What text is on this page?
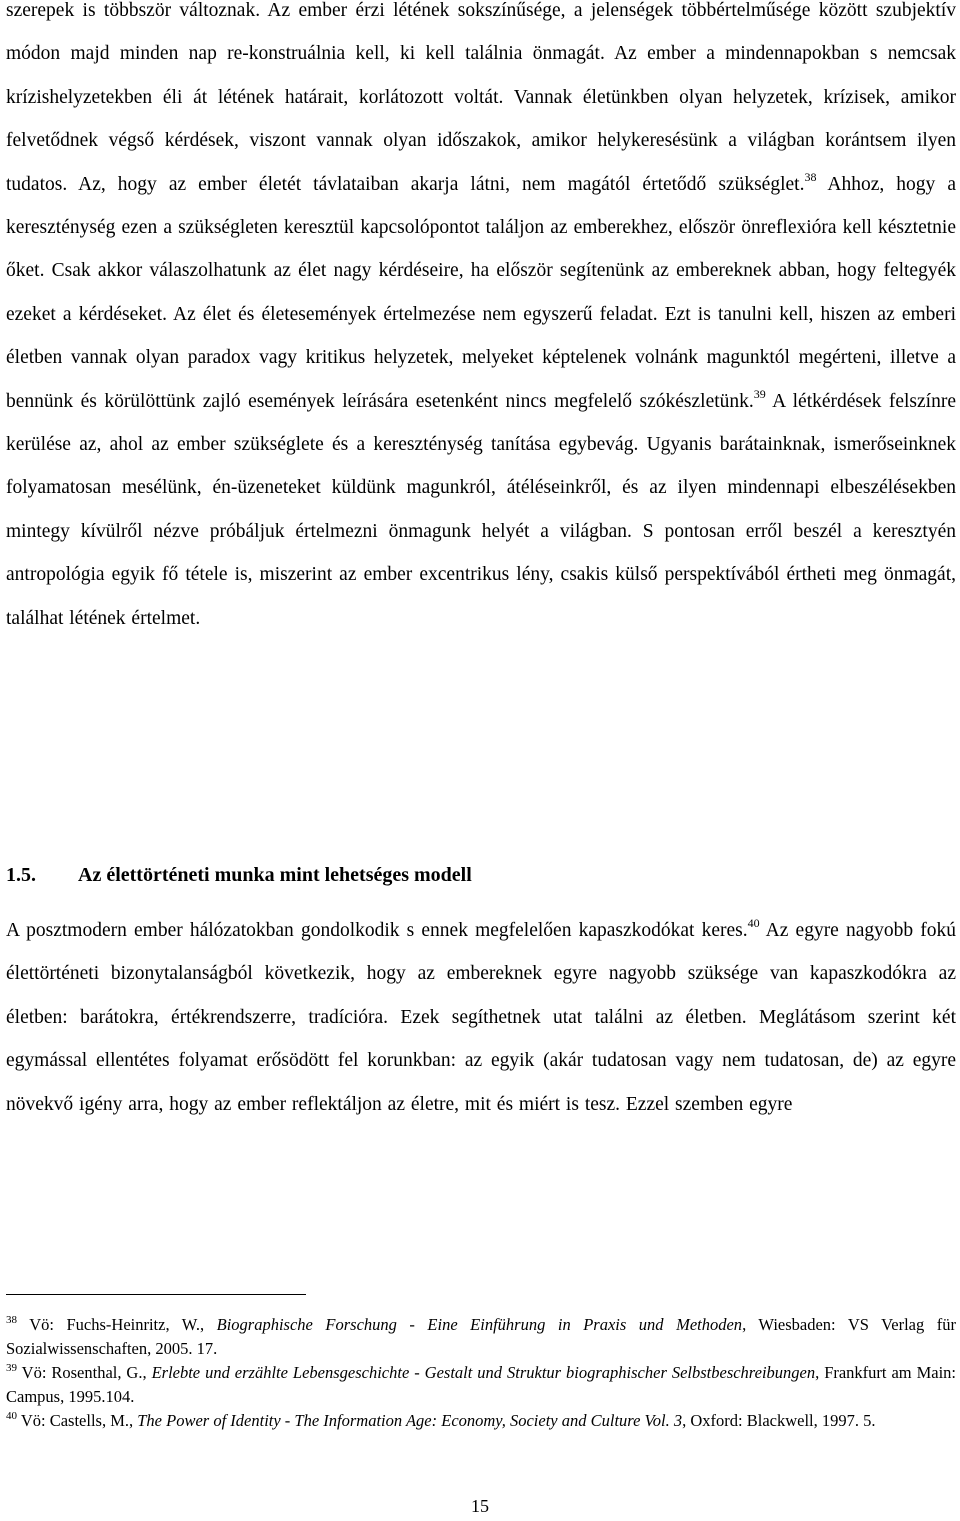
szerepek is többször változnak. Az ember érzi létének sokszínűsége, a jelenségek többértelműsége között szubjektív módon majd minden nap re-konstruálnia kell, ki kell találnia önmagát. Az ember a mindennapokban s nemcsak krízishelyzetekben éli át létének határait, korlátozott voltát. Vannak életünkben olyan helyzetek, krízisek, amikor felvetődnek végső kérdések, viszont vannak olyan időszakok, amikor helykeresésünk a világban korántsem ilyen tudatos. Az, hogy az ember életét távlataiban akarja látni, nem magától értetődő szükséglet.$^{38}$ Ahhoz, hogy a kereszténység ezen a szükségleten keresztül kapcsolópontot találjon az emberekhez, először önreflexióra kell késztetnie őket. Csak akkor válaszolhatunk az élet nagy kérdéseire, ha először segítenünk az embereknek abban, hogy feltegyék ezeket a kérdéseket. Az élet és életesemények értelmezése nem egyszerű feladat. Ezt is tanulni kell, hiszen az emberi életben vannak olyan paradox vagy kritikus helyzetek, melyeket képtelenek volnánk magunktól megérteni, illetve a bennünk és körülöttünk zajló események leírására esetenként nincs megfelelő szókészletünk.$^{39}$ A létkérdések felszínre kerülése az, ahol az ember szükséglete és a kereszténység tanítása egybevág. Ugyanis barátainknak, ismerőseinknek folyamatosan mesélünk, én-üzeneteket küldünk magunkról, átéléseinkről, és az ilyen mindennapi elbeszélésekben mintegy kívülről nézve próbáljuk értelmezni önmagunk helyét a világban. S pontosan erről beszél a keresztyén antropológia egyik fő tétele is, miszerint az ember excentrikus lény, csakis külső perspektívából értheti meg önmagát, találhat létének értelmet.

1.5.	Az élettörténeti munka mint lehetséges modell

A posztmodern ember hálózatokban gondolkodik s ennek megfelelően kapaszkodókat keres.$^{40}$ Az egyre nagyobb fokú élettörténeti bizonytalanságból következik, hogy az embereknek egyre nagyobb szüksége van kapaszkodókra az életben: barátokra, értékrendszerre, tradícióra. Ezek segíthetnek utat találni az életben. Meglátásom szerint két egymással ellentétes folyamat erősödött fel korunkban: az egyik (akár tudatosan vagy nem tudatosan, de) az egyre növekvő igény arra, hogy az ember reflektáljon az életre, mit és miért is tesz. Ezzel szemben egyre

$^{38}$ Vö: Fuchs-Heinritz, W., Biographische Forschung - Eine Einführung in Praxis und Methoden, Wiesbaden: VS Verlag für Sozialwissenschaften, 2005. 17.

$^{39}$ Vö: Rosenthal, G., Erlebte und erzählte Lebensgeschichte - Gestalt und Struktur biographischer Selbstbeschreibungen, Frankfurt am Main: Campus, 1995.104.

$^{40}$ Vö: Castells, M., The Power of Identity - The Information Age: Economy, Society and Culture Vol. 3, Oxford: Blackwell, 1997. 5.

15
